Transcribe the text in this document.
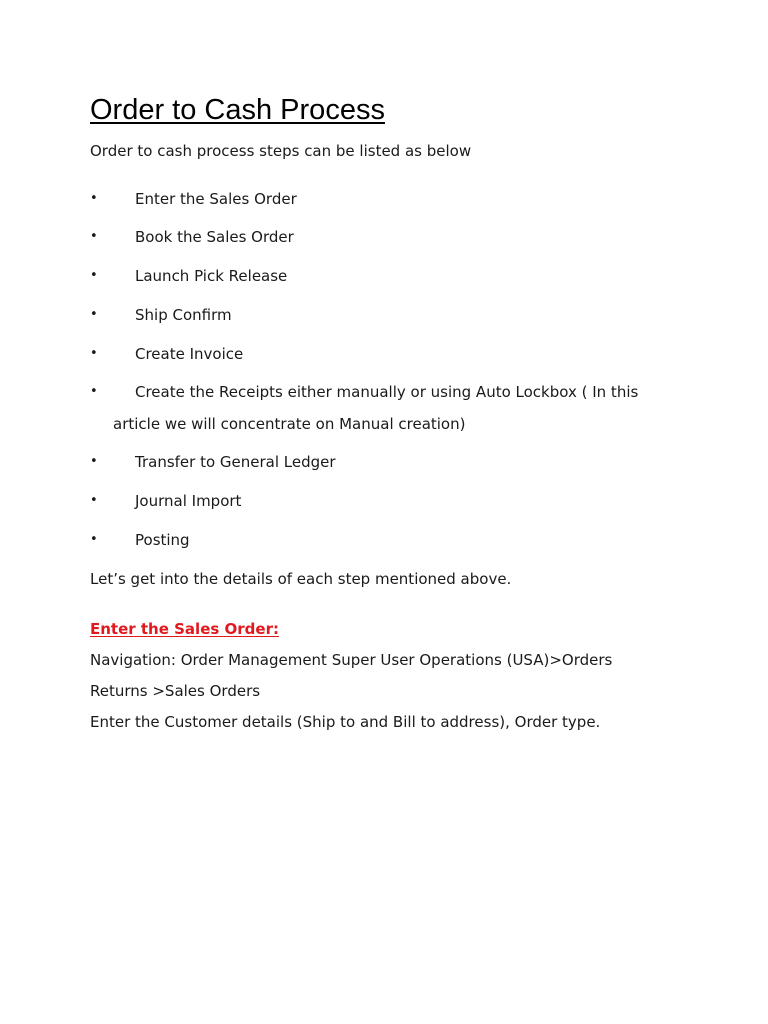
Order to Cash Process

Order to cash process steps can be listed as below

• Enter the Sales Order
• Book the Sales Order
• Launch Pick Release
• Ship Confirm
• Create Invoice
• Create the Receipts either manually or using Auto Lockbox ( In this
article we will concentrate on Manual creation)
• Transfer to General Ledger
• Journal Import
• Posting

Let’s get into the details of each step mentioned above.

Enter the Sales Order:

Navigation: Order Management Super User Operations (USA)>Orders

Returns >Sales Orders

Enter the Customer details (Ship to and Bill to address), Order type.
